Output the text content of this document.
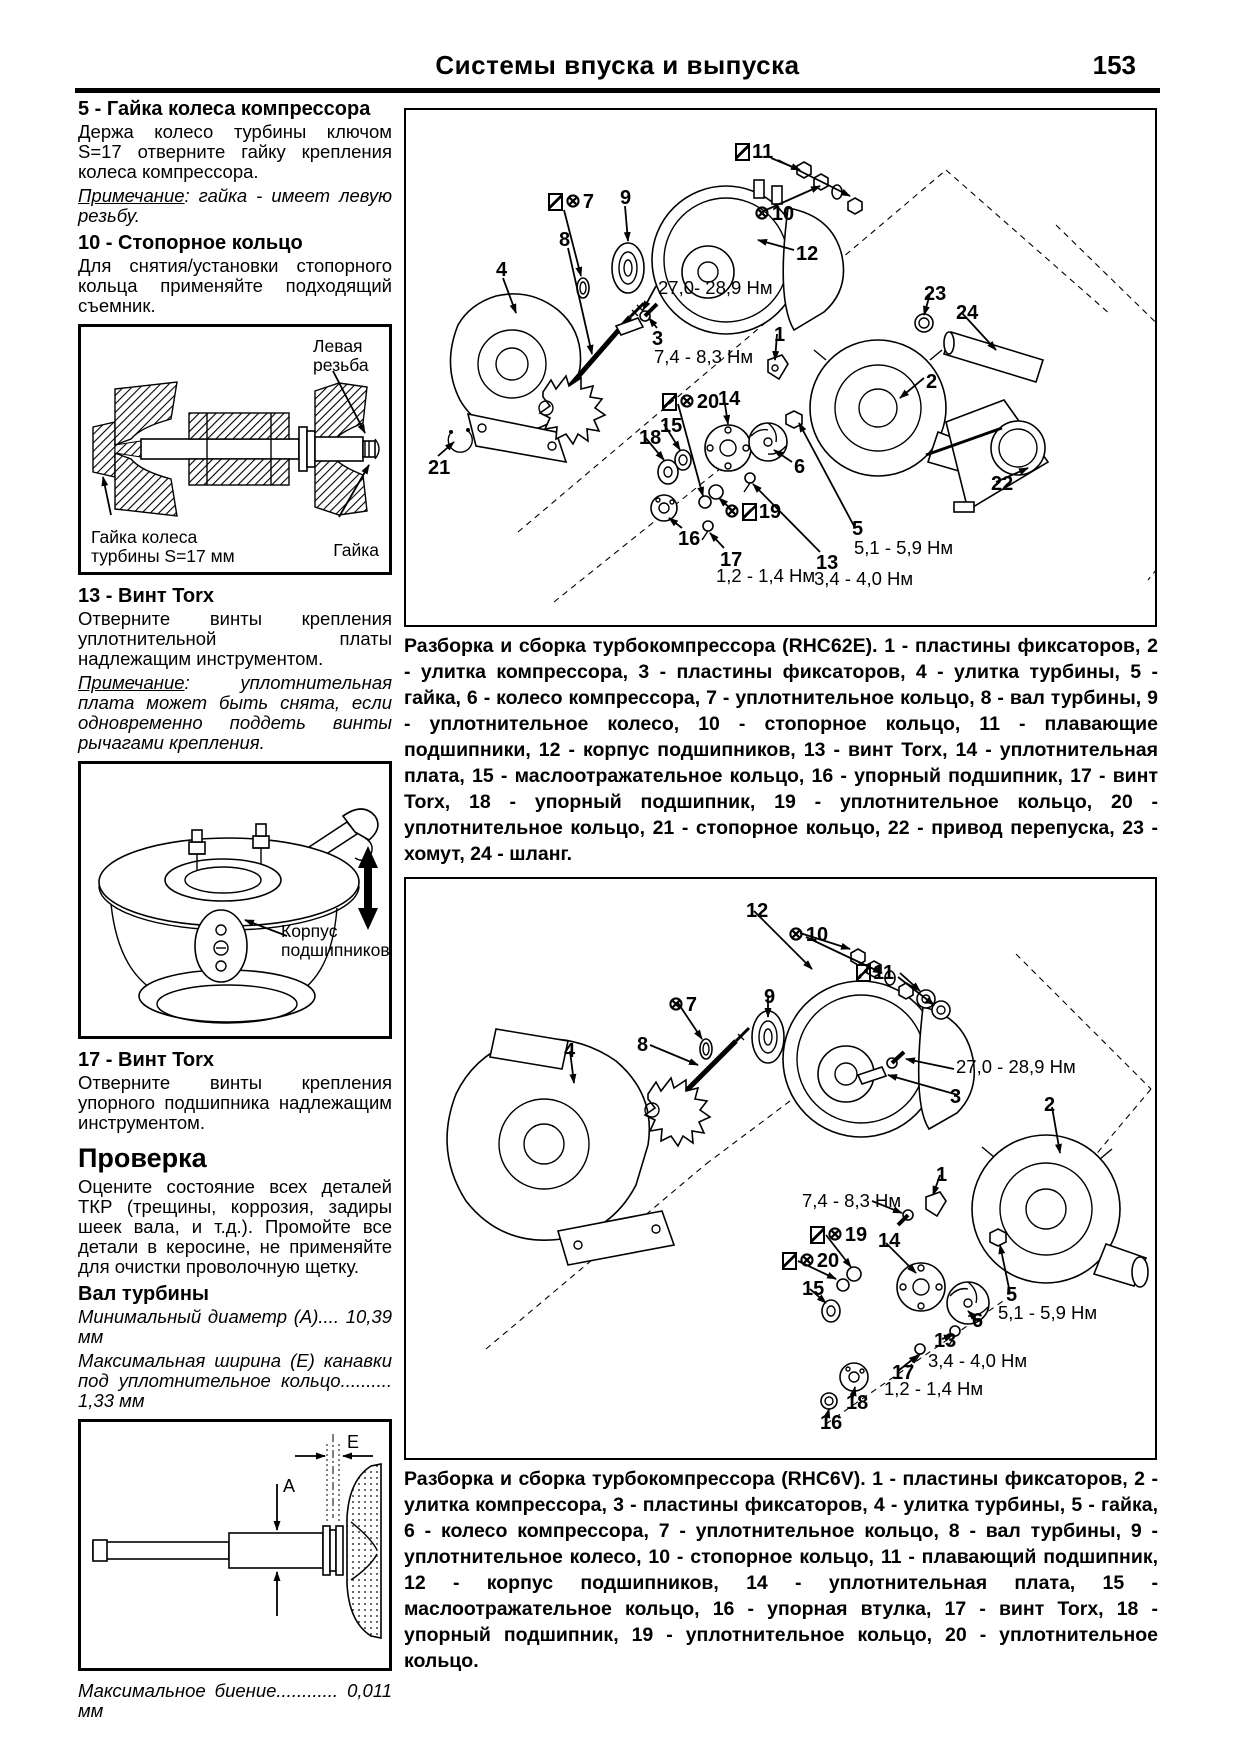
Системы впуска и выпуска	153
5 - Гайка колеса компрессора

Держа колесо турбины ключом S=17 отверните гайку крепления колеса компрессора.

Примечание: гайка - имеет левую резьбу.

10 - Стопорное кольцо

Для снятия/установки стопорного кольца применяйте подходящий съемник.

Левая резьба
Гайка
Гайка колеса турбины S=17 мм
13 - Винт Torx

Отверните винты крепления уплотнительной платы надлежащим инструментом.

Примечание: уплотнительная плата может быть снята, если одновременно поддеть винты рычагами крепления.

Корпус подшипников
17 - Винт Torx

Отверните винты крепления упорного подшипника надлежащим инструментом.

Проверка

Оцените состояние всех деталей ТКР (трещины, коррозия, задиры шеек вала, и т.д.). Промойте все детали в керосине, не применяйте для очистки проволочную щетку.

Вал турбины

Минимальный диаметр (А).... 10,39 мм

Максимальная ширина (Е) канавки под уплотнительное кольцо.......... 1,33 мм

A
E

Максимальное биение............ 0,011 мм

11
⊗ 7 9
8
⊗ 10
12
4
27,0- 28,9 Нм
3
7,4 - 8,3 Нм
1
23
24
2
⊗ 20
14
15
18
6
21
⊗ 19
16	5
5,1 - 5,9 Нм
17
1,2 - 1,4 Нм
13
3,4 - 4,0 Нм
22

Разборка и сборка турбокомпрессора (RHC62E). 1 - пластины фиксаторов, 2 - улитка компрессора, 3 - пластины фиксаторов, 4 - улитка турбины, 5 - гайка, 6 - колесо компрессора, 7 - уплотнительное кольцо, 8 - вал турбины, 9 - уплотнительное колесо, 10 - стопорное кольцо, 11 - плавающие подшипники, 12 - корпус подшипников, 13 - винт Torx, 14 - уплотнительная плата, 15 - маслоотражательное кольцо, 16 - упорный подшипник, 17 - винт Torx, 18 - упорный подшипник, 19 - уплотнительное кольцо, 20 - уплотнительное кольцо, 21 - стопорное кольцо, 22 - привод перепуска, 23 - хомут, 24 - шланг.

12
⊗ 10
11
⊗ 7	9
8
4
27,0 - 28,9 Нм
3	2
1
7,4 - 8,3 Нм
⊗ 19 14
⊗ 20
15	5
5,1 - 5,9 Нм
6
13
3,4 - 4,0 Нм
17
1,2 - 1,4 Нм
18
16

Разборка и сборка турбокомпрессора (RHC6V). 1 - пластины фиксаторов, 2 - улитка компрессора, 3 - пластины фиксаторов, 4 - улитка турбины, 5 - гайка, 6 - колесо компрессора, 7 - уплотнительное кольцо, 8 - вал турбины, 9 - уплотнительное колесо, 10 - стопорное кольцо, 11 - плавающий подшипник, 12 - корпус подшипников, 14 - уплотнительная плата, 15 - маслоотражательное кольцо, 16 - упорная втулка, 17 - винт Torx, 18 - упорный подшипник, 19 - уплотнительное кольцо, 20 - уплотнительное кольцо.
